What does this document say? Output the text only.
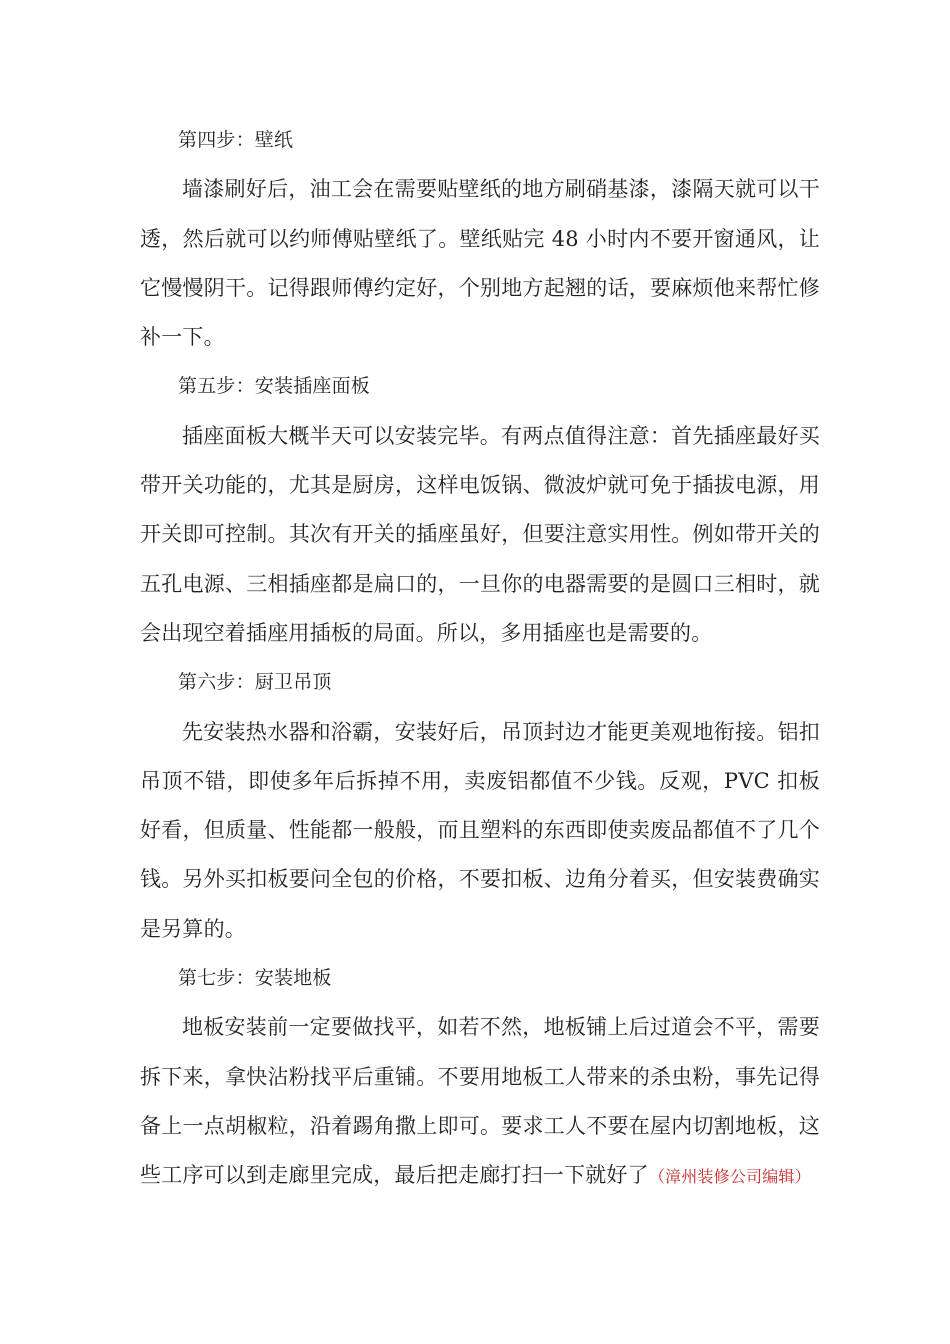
第四步：壁纸

墙漆刷好后，油工会在需要贴壁纸的地方刷硝基漆，漆隔天就可以干透，然后就可以约师傅贴壁纸了。壁纸贴完 48 小时内不要开窗通风，让它慢慢阴干。记得跟师傅约定好，个别地方起翘的话，要麻烦他来帮忙修补一下。

第五步：安装插座面板

插座面板大概半天可以安装完毕。有两点值得注意：首先插座最好买带开关功能的，尤其是厨房，这样电饭锅、微波炉就可免于插拔电源，用开关即可控制。其次有开关的插座虽好，但要注意实用性。例如带开关的五孔电源、三相插座都是扁口的，一旦你的电器需要的是圆口三相时，就会出现空着插座用插板的局面。所以，多用插座也是需要的。

第六步：厨卫吊顶

先安装热水器和浴霸，安装好后，吊顶封边才能更美观地衔接。铝扣吊顶不错，即使多年后拆掉不用，卖废铝都值不少钱。反观，PVC 扣板好看，但质量、性能都一般般，而且塑料的东西即使卖废品都值不了几个钱。另外买扣板要问全包的价格，不要扣板、边角分着买，但安装费确实是另算的。

第七步：安装地板

地板安装前一定要做找平，如若不然，地板铺上后过道会不平，需要拆下来，拿快沾粉找平后重铺。不要用地板工人带来的杀虫粉，事先记得备上一点胡椒粒，沿着踢角撒上即可。要求工人不要在屋内切割地板，这些工序可以到走廊里完成，最后把走廊打扫一下就好了（漳州装修公司编辑）
